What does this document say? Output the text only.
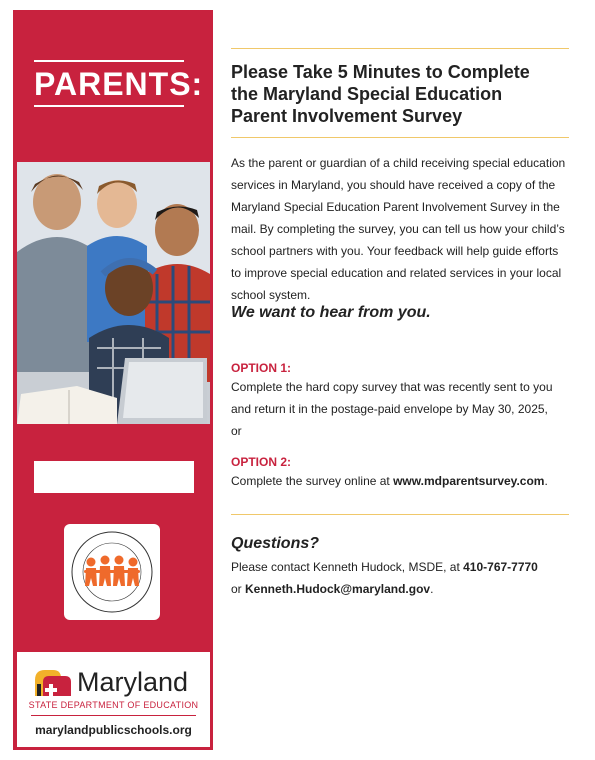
PARENTS:
Maryland
STATE DEPARTMENT OF EDUCATION
marylandpublicschools.org
Please Take 5 Minutes to Complete
the Maryland Special Education
Parent Involvement Survey
As the parent or guardian of a child receiving special education
services in Maryland, you should have received a copy of the
Maryland Special Education Parent Involvement Survey in the
mail. By completing the survey, you can tell us how your child’s
school partners with you. Your feedback will help guide efforts
to improve special education and related services in your local
school system.
We want to hear from you.
OPTION 1:
Complete the hard copy survey that was recently sent to you
and return it in the postage-paid envelope by May 30, 2025,
or
OPTION 2:
Complete the survey online at www.mdparentsurvey.com.
Questions?
Please contact Kenneth Hudock, MSDE, at 410-767-7770
or Kenneth.Hudock@maryland.gov.
